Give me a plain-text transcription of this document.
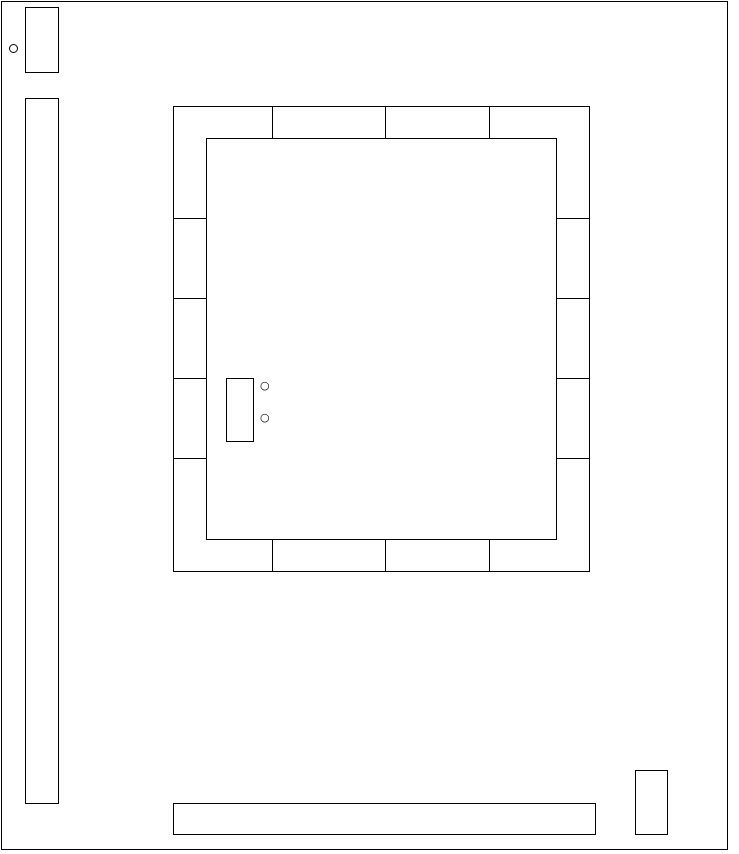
○
○
